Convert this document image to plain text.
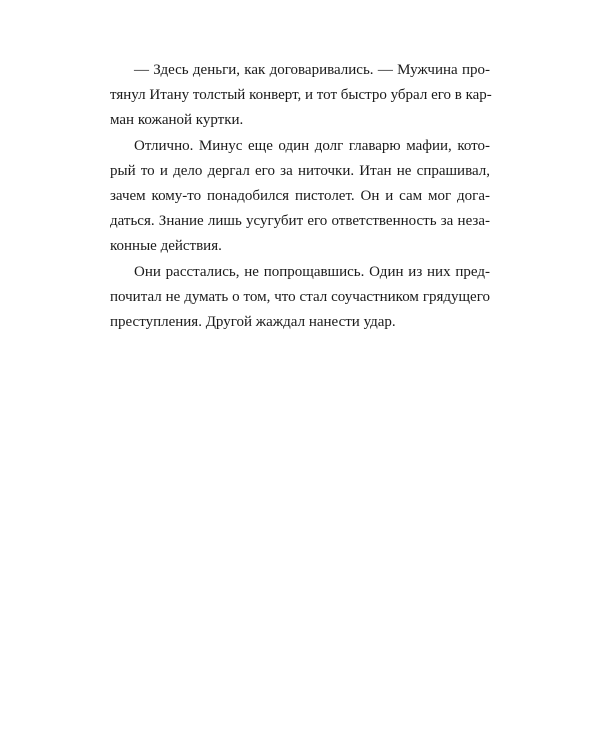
— Здесь деньги, как договаривались. — Мужчина про-
тянул Итану толстый конверт, и тот быстро убрал его в кар-
ман кожаной куртки.

Отлично. Минус еще один долг главарю мафии, кото-
рый то и дело дергал его за ниточки. Итан не спрашивал,
зачем кому-то понадобился пистолет. Он и сам мог дога-
даться. Знание лишь усугубит его ответственность за неза-
конные действия.

Они расстались, не попрощавшись. Один из них пред-
почитал не думать о том, что стал соучастником грядущего
преступления. Другой жаждал нанести удар.
